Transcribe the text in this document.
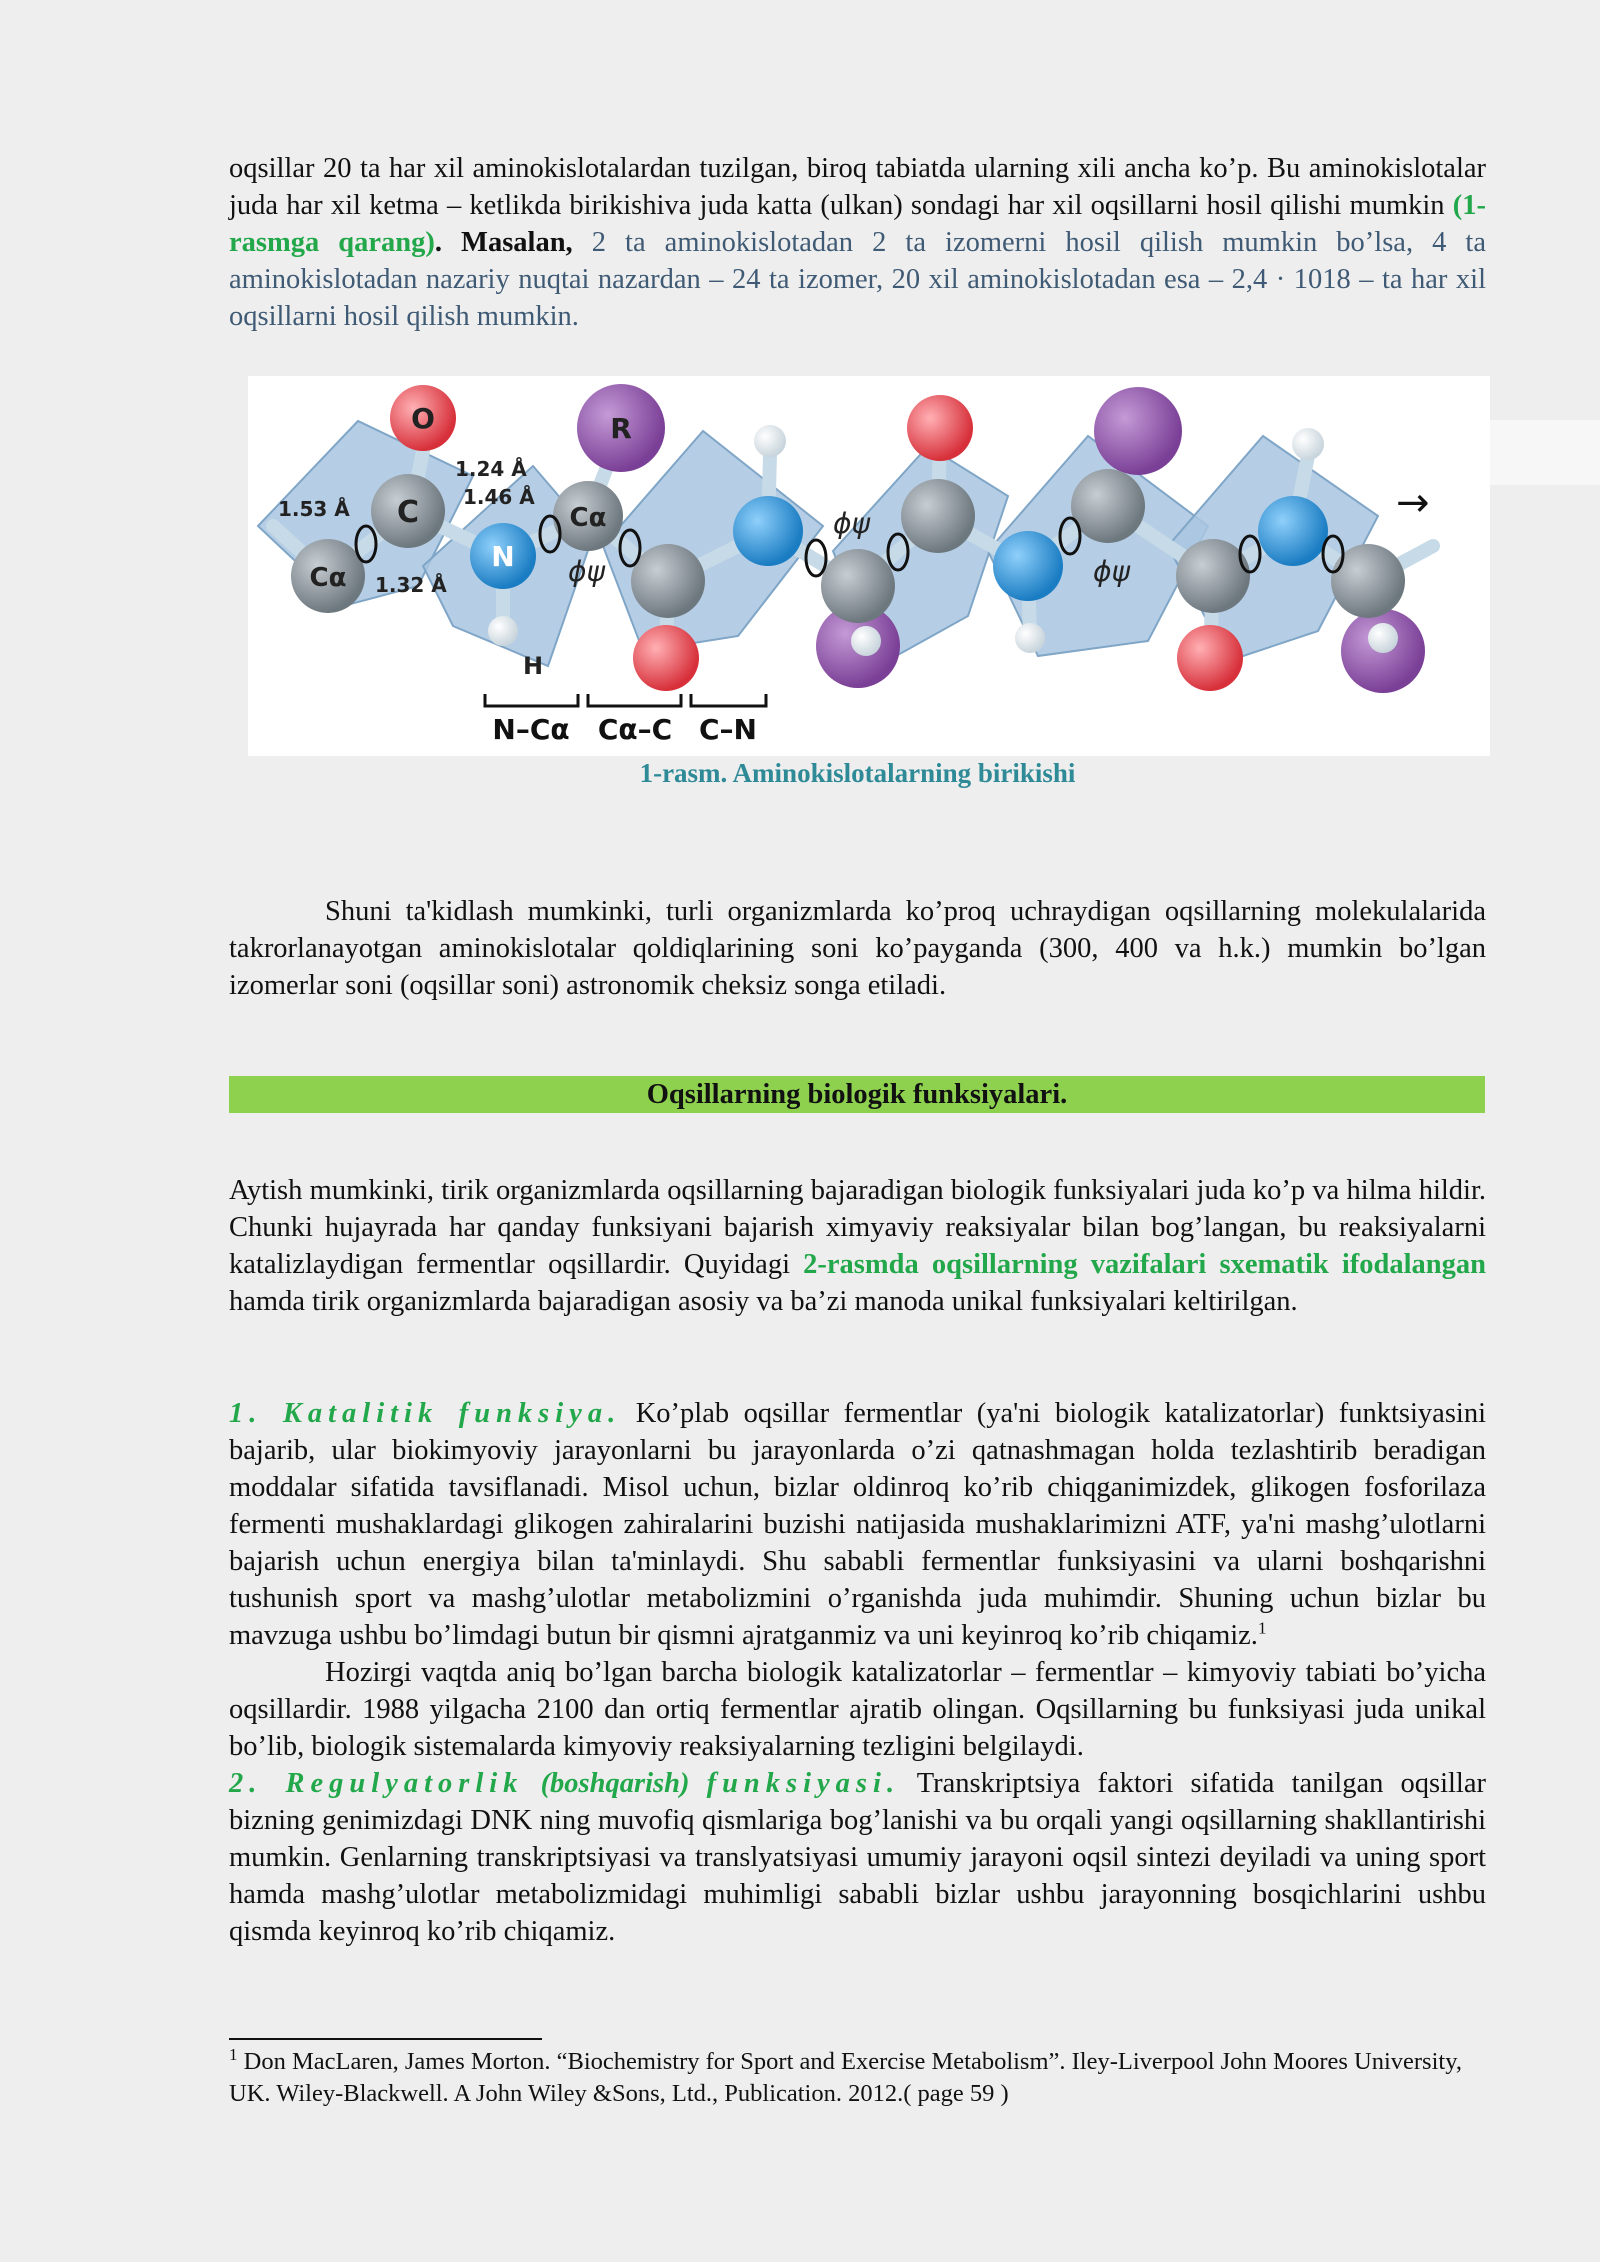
oqsillar 20 ta har xil aminokislotalardan tuzilgan, biroq tabiatda ularning xili ancha ko’p. Bu aminokislotalar juda har xil ketma – ketlikda birikishiva juda katta (ulkan) sondagi har xil oqsillarni hosil qilishi mumkin (1-rasmga qarang). Masalan, 2 ta aminokislotadan 2 ta izomerni hosil qilish mumkin bo’lsa, 4 ta aminokislotadan nazariy nuqtai nazardan – 24 ta izomer, 20 xil aminokislotadan esa – 2,4 · 1018 – ta har xil oqsillarni hosil qilish mumkin.

O	R
C
Cα
Cα
N
H
1.53 Å
1.24 Å
1.46 Å
1.32 Å	ϕψ
ϕψ
ϕψ
→
N–Cα Cα–C C–N
1-rasm. Aminokislotalarning birikishi

Shuni ta'kidlash mumkinki, turli organizmlarda ko’proq uchraydigan oqsillarning molekulalarida takrorlanayotgan aminokislotalar qoldiqlarining soni ko’payganda (300, 400 va h.k.) mumkin bo’lgan izomerlar soni (oqsillar soni) astronomik cheksiz songa etiladi.

Oqsillarning biologik funksiyalari.

Aytish mumkinki, tirik organizmlarda oqsillarning bajaradigan biologik funksiyalari juda ko’p va hilma hildir. Chunki hujayrada har qanday funksiyani bajarish ximyaviy reaksiyalar bilan bog’langan, bu reaksiyalarni katalizlaydigan fermentlar oqsillardir. Quyidagi 2-rasmda oqsillarning vazifalari sxematik ifodalangan hamda tirik organizmlarda bajaradigan asosiy va ba’zi manoda unikal funksiyalari keltirilgan.

1. Katalitik funksiya. Ko’plab oqsillar fermentlar (ya'ni biologik katalizatorlar) funktsiyasini bajarib, ular biokimyoviy jarayonlarni bu jarayonlarda o’zi qatnashmagan holda tezlashtirib beradigan moddalar sifatida tavsiflanadi. Misol uchun, bizlar oldinroq ko’rib chiqganimizdek, glikogen fosforilaza fermenti mushaklardagi glikogen zahiralarini buzishi natijasida mushaklarimizni ATF, ya'ni mashg’ulotlarni bajarish uchun energiya bilan ta'minlaydi. Shu sababli fermentlar funksiyasini va ularni boshqarishni tushunish sport va mashg’ulotlar metabolizmini o’rganishda juda muhimdir. Shuning uchun bizlar bu mavzuga ushbu bo’limdagi butun bir qismni ajratganmiz va uni keyinroq ko’rib chiqamiz.$^1$

Hozirgi vaqtda aniq bo’lgan barcha biologik katalizatorlar – fermentlar – kimyoviy tabiati bo’yicha oqsillardir. 1988 yilgacha 2100 dan ortiq fermentlar ajratib olingan. Oqsillarning bu funksiyasi juda unikal bo’lib, biologik sistemalarda kimyoviy reaksiyalarning tezligini belgilaydi.

2. Regulyatorlik (boshqarish) funksiyasi. Transkriptsiya faktori sifatida tanilgan oqsillar bizning genimizdagi DNK ning muvofiq qismlariga bog’lanishi va bu orqali yangi oqsillarning shakllantirishi mumkin. Genlarning transkriptsiyasi va translyatsiyasi umumiy jarayoni oqsil sintezi deyiladi va uning sport hamda mashg’ulotlar metabolizmidagi muhimligi sababli bizlar ushbu jarayonning bosqichlarini ushbu qismda keyinroq ko’rib chiqamiz.

$^1$ Don MacLaren, James Morton. “Biochemistry for Sport and Exercise Metabolism”. Iley-Liverpool John Moores University, UK. Wiley-Blackwell. A John Wiley &Sons, Ltd., Publication. 2012.( page 59 )
